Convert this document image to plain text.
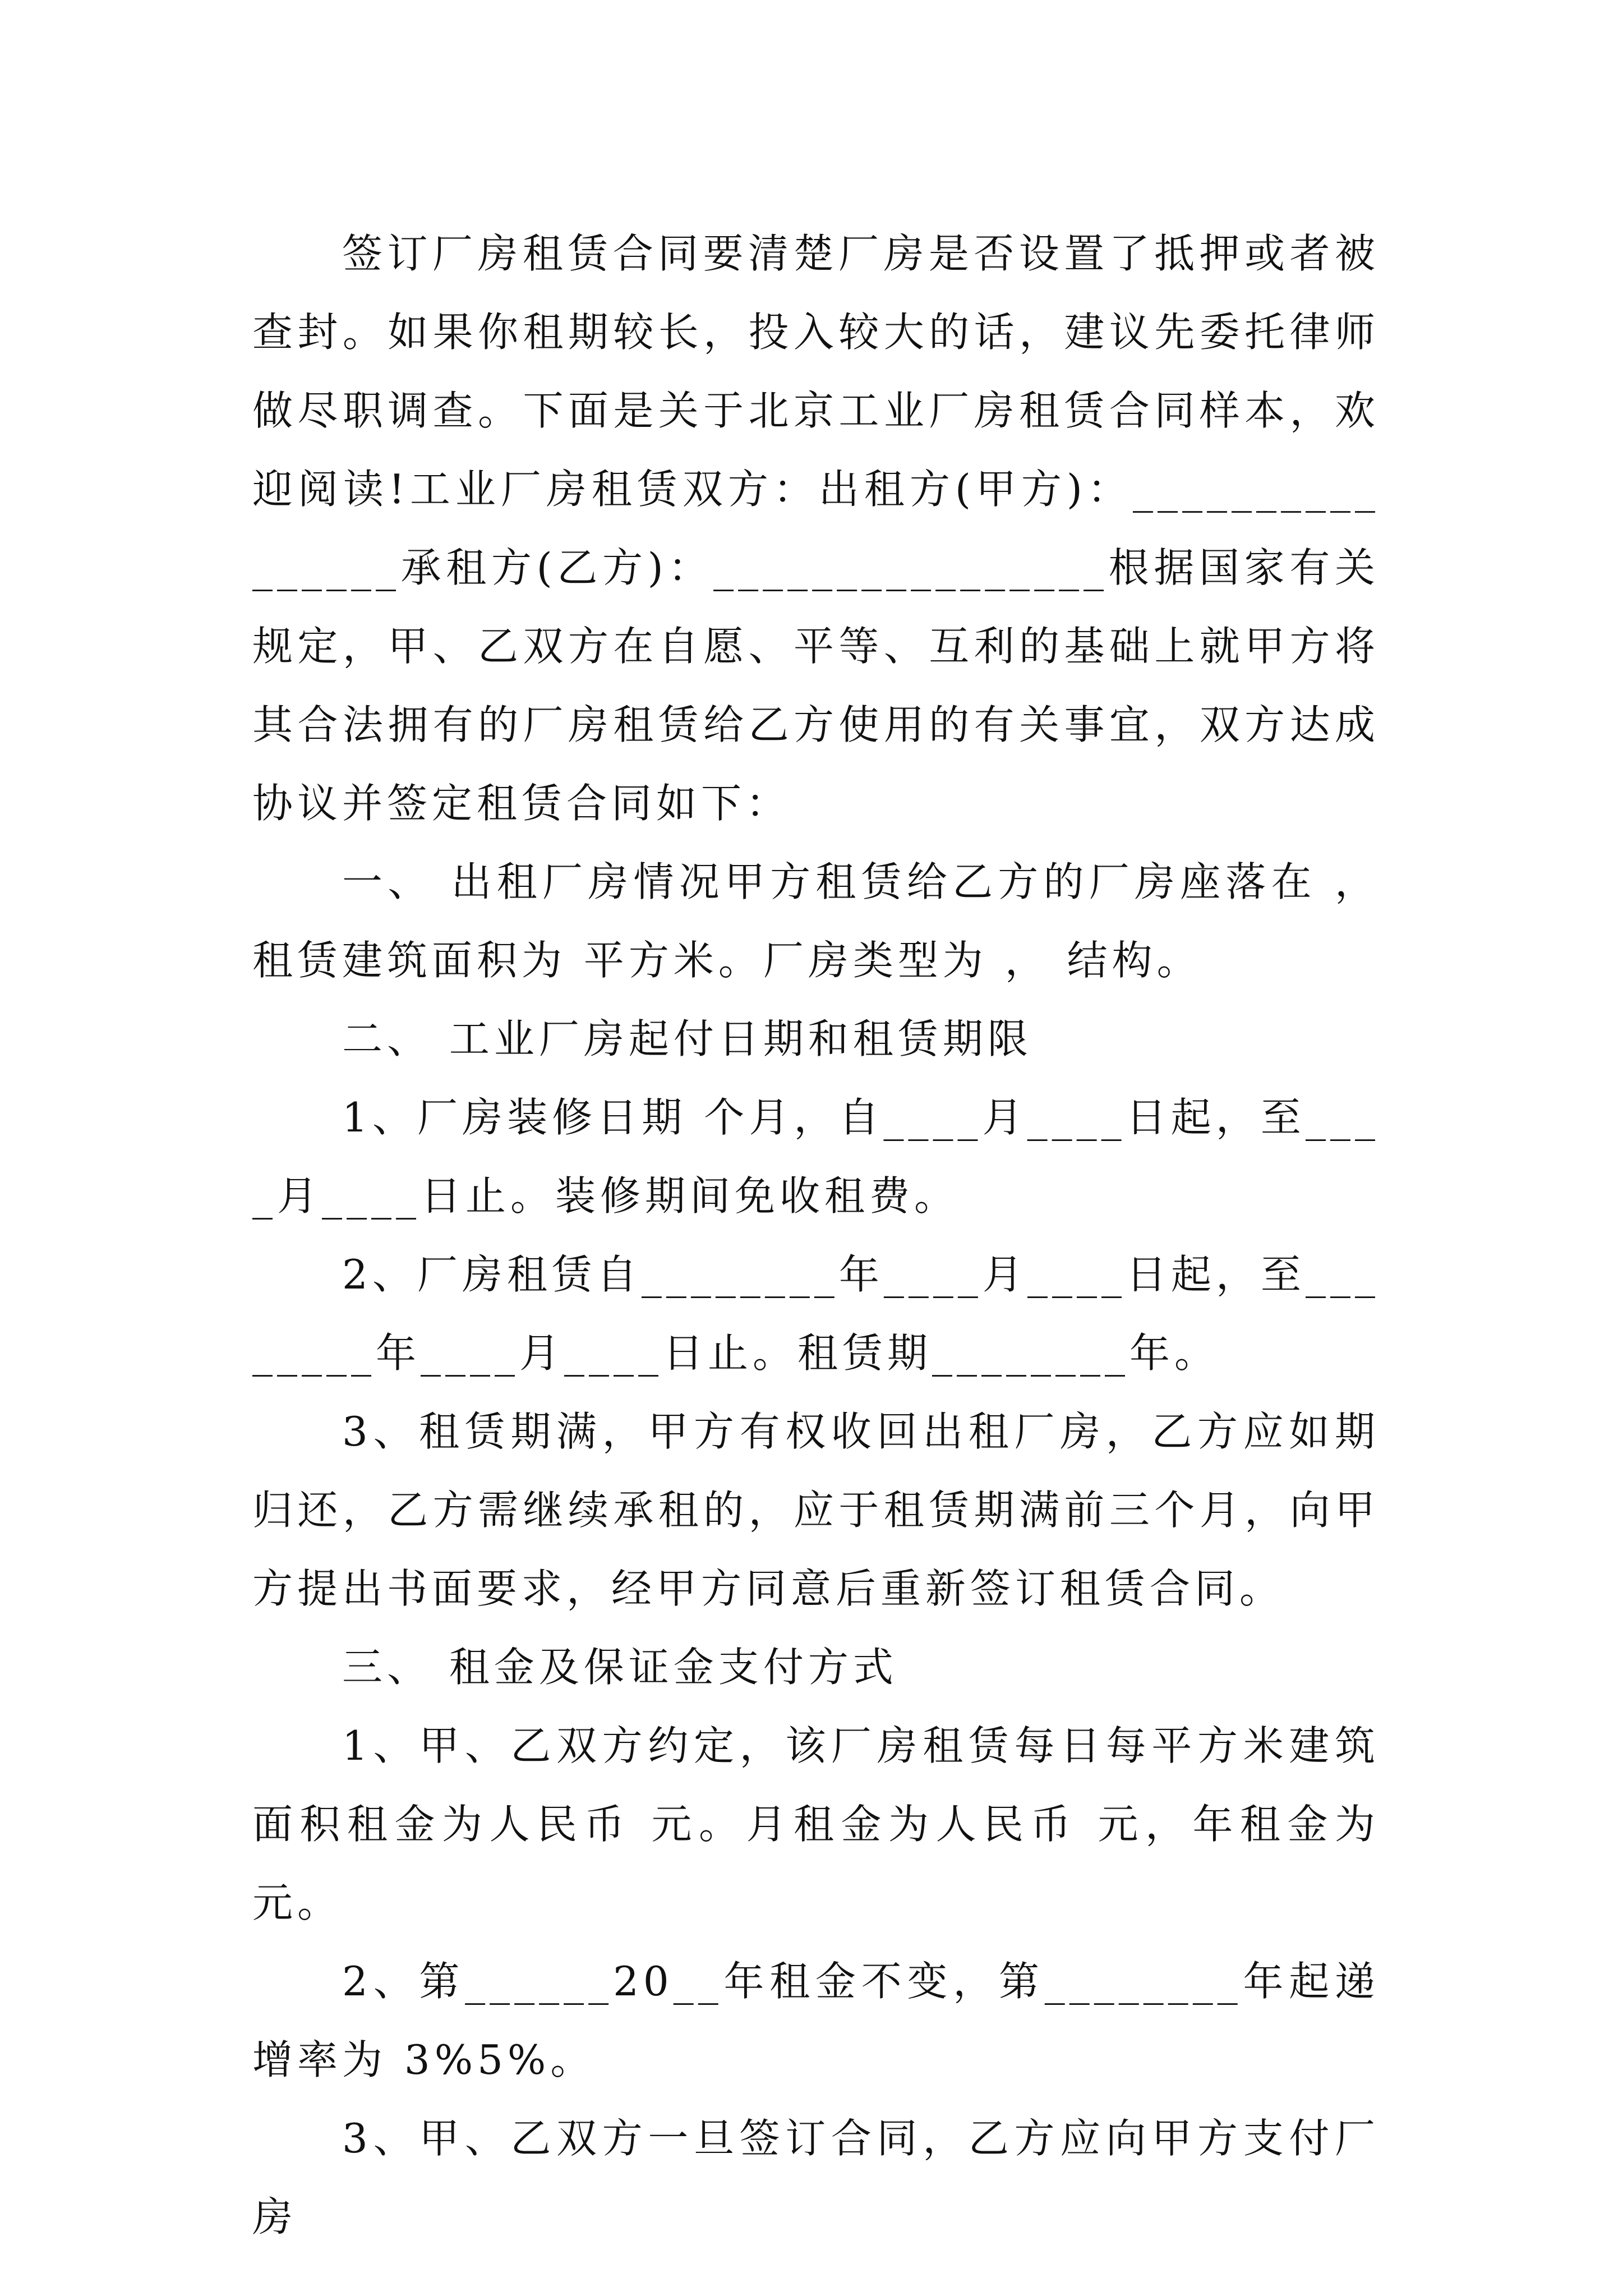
签订厂房租赁合同要清楚厂房是否设置了抵押或者被查封。如果你租期较长，投入较大的话，建议先委托律师做尽职调查。下面是关于北京工业厂房租赁合同样本，欢迎阅读!工业厂房租赁双方：出租方(甲方)：________________承租方(乙方)：________________根据国家有关规定，甲、乙双方在自愿、平等、互利的基础上就甲方将其合法拥有的厂房租赁给乙方使用的有关事宜，双方达成协议并签定租赁合同如下：

一、 出租厂房情况甲方租赁给乙方的厂房座落在 ，租赁建筑面积为 平方米。厂房类型为 ， 结构。

二、 工业厂房起付日期和租赁期限

1、厂房装修日期 个月，自____月____日起，至____月____日止。装修期间免收租费。

2、厂房租赁自________年____月____日起，至________年____月____日止。租赁期________年。

3、租赁期满，甲方有权收回出租厂房，乙方应如期归还，乙方需继续承租的，应于租赁期满前三个月，向甲方提出书面要求，经甲方同意后重新签订租赁合同。

三、 租金及保证金支付方式

1、甲、乙双方约定，该厂房租赁每日每平方米建筑面积租金为人民币 元。月租金为人民币 元，年租金为 元。

2、第______20__年租金不变，第________年起递增率为 3%5%。

3、甲、乙双方一旦签订合同，乙方应向甲方支付厂房
